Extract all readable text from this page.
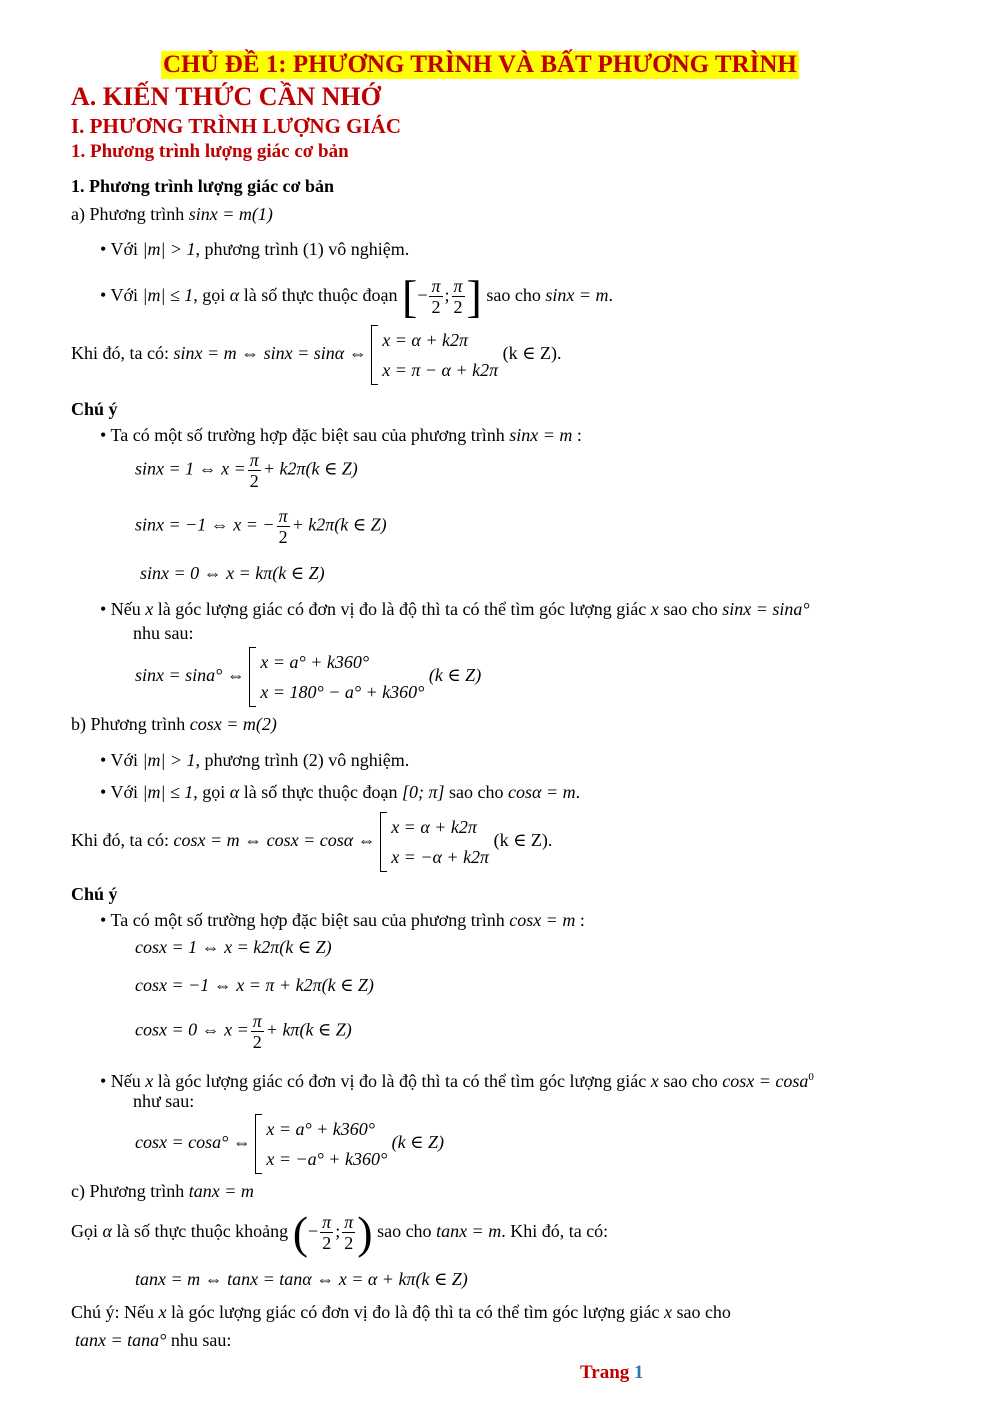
CHỦ ĐỀ 1: PHƯƠNG TRÌNH VÀ BẤT PHƯƠNG TRÌNH
A. KIẾN THỨC CẦN NHỚ
I. PHƯƠNG TRÌNH LƯỢNG GIÁC
1. Phương trình lượng giác cơ bản
1. Phương trình lượng giác cơ bản
a) Phương trình sinx = m(1)
• Với |m| > 1, phương trình (1) vô nghiệm.
• Với |m| ≤ 1, gọi α là số thực thuộc đoạn [− $\frac{\pi}{2}$ ; $\frac{\pi}{2}$ ] sao cho sinx = m.
Khi đó, ta có: sinx = m ⇔ sinx = sinα ⇔
x = α + k2π
x = π − α + k2π
(k ∈ Z).
Chú ý
• Ta có một số trường hợp đặc biệt sau của phương trình sinx = m :
sinx = 1 ⇔ $x = \frac{\pi}{2} + k2\pi(k$ ∈ Z)
sinx = −1 ⇔ x = − $\frac{\pi}{2} + k2\pi(k$ ∈ Z)
sinx = 0 ⇔ x = kπ(k ∈ Z)
• Nếu x là góc lượng giác có đơn vị đo là độ thì ta có thể tìm góc lượng giác x sao cho sinx = sina°
nhu sau:
sinx = sina° ⇔
x = a° + k360°
x = 180° − a° + k360°
(k ∈ Z)
b) Phương trình cosx = m(2)
• Với |m| > 1, phương trình (2) vô nghiệm.
• Với |m| ≤ 1, gọi α là số thực thuộc đoạn [0; π] sao cho cosα = m.
Khi đó, ta có: cosx = m ⇔ cosx = cosα ⇔
x = α + k2π
x = −α + k2π
(k ∈ Z).
Chú ý
• Ta có một số trường hợp đặc biệt sau của phương trình cosx = m :
cosx = 1 ⇔ x = k2π(k ∈ Z)
cosx = −1 ⇔ x = π + k2π(k ∈ Z)
cosx = 0 ⇔ $x = \frac{\pi}{2} + k\pi(k$ ∈ Z)
• Nếu x là góc lượng giác có đơn vị đo là độ thì ta có thể tìm góc lượng giác x sao cho cosx = cosa$^0$
như sau:
cosx = cosa° ⇔
x = a° + k360°
x = −a° + k360°
(k ∈ Z)
c) Phương trình tanx = m
Gọi α là số thực thuộc khoảng (− $\frac{\pi}{2}$ ; $\frac{\pi}{2}$ ) sao cho tanx = m. Khi đó, ta có:
tanx = m ⇔ tanx = tanα ⇔ x = α + kπ(k ∈ Z)
Chú ý: Nếu x là góc lượng giác có đơn vị đo là độ thì ta có thể tìm góc lượng giác x sao cho
tanx = tana° nhu sau:
Trang 1
